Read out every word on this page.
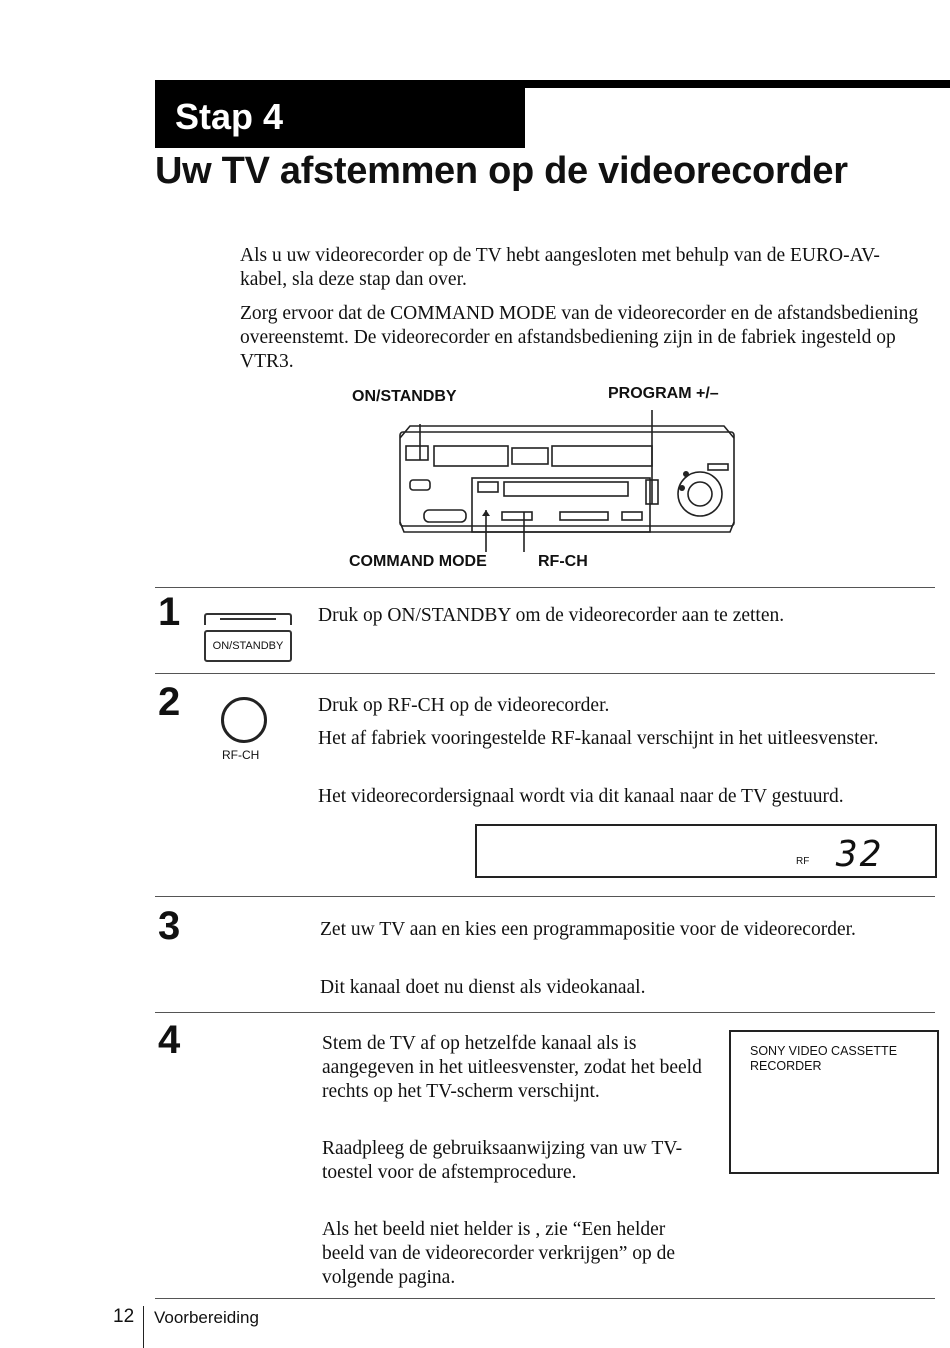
Stap 4
Uw TV afstemmen op de videorecorder
Als u uw videorecorder op de TV hebt aangesloten met behulp van de EURO-AV-kabel, sla deze stap dan over.
Zorg ervoor dat de COMMAND MODE van de videorecorder en de afstandsbediening overeenstemt. De videorecorder en afstandsbediening zijn in de fabriek ingesteld op VTR3.
ON/STANDBY	PROGRAM +/–
COMMAND MODE	RF-CH
1
ON/STANDBY
Druk op ON/STANDBY om de videorecorder aan te zetten.
2
RF-CH
Druk op RF-CH op de videorecorder.
Het af fabriek vooringestelde RF-kanaal verschijnt in het uitleesvenster.
Het videorecordersignaal wordt via dit kanaal naar de TV gestuurd.
RF 32
3	Zet uw TV aan en kies een programmapositie voor de videorecorder.
Dit kanaal doet nu dienst als videokanaal.
4	Stem de TV af op hetzelfde kanaal als is aangegeven in het uitleesvenster, zodat het beeld rechts op het TV-scherm verschijnt.
Raadpleeg de gebruiksaanwijzing van uw TV-toestel voor de afstemprocedure.
Als het beeld niet helder is , zie “Een helder beeld van de videorecorder verkrijgen” op de volgende pagina.
SONY VIDEO CASSETTE RECORDER
12 Voorbereiding
